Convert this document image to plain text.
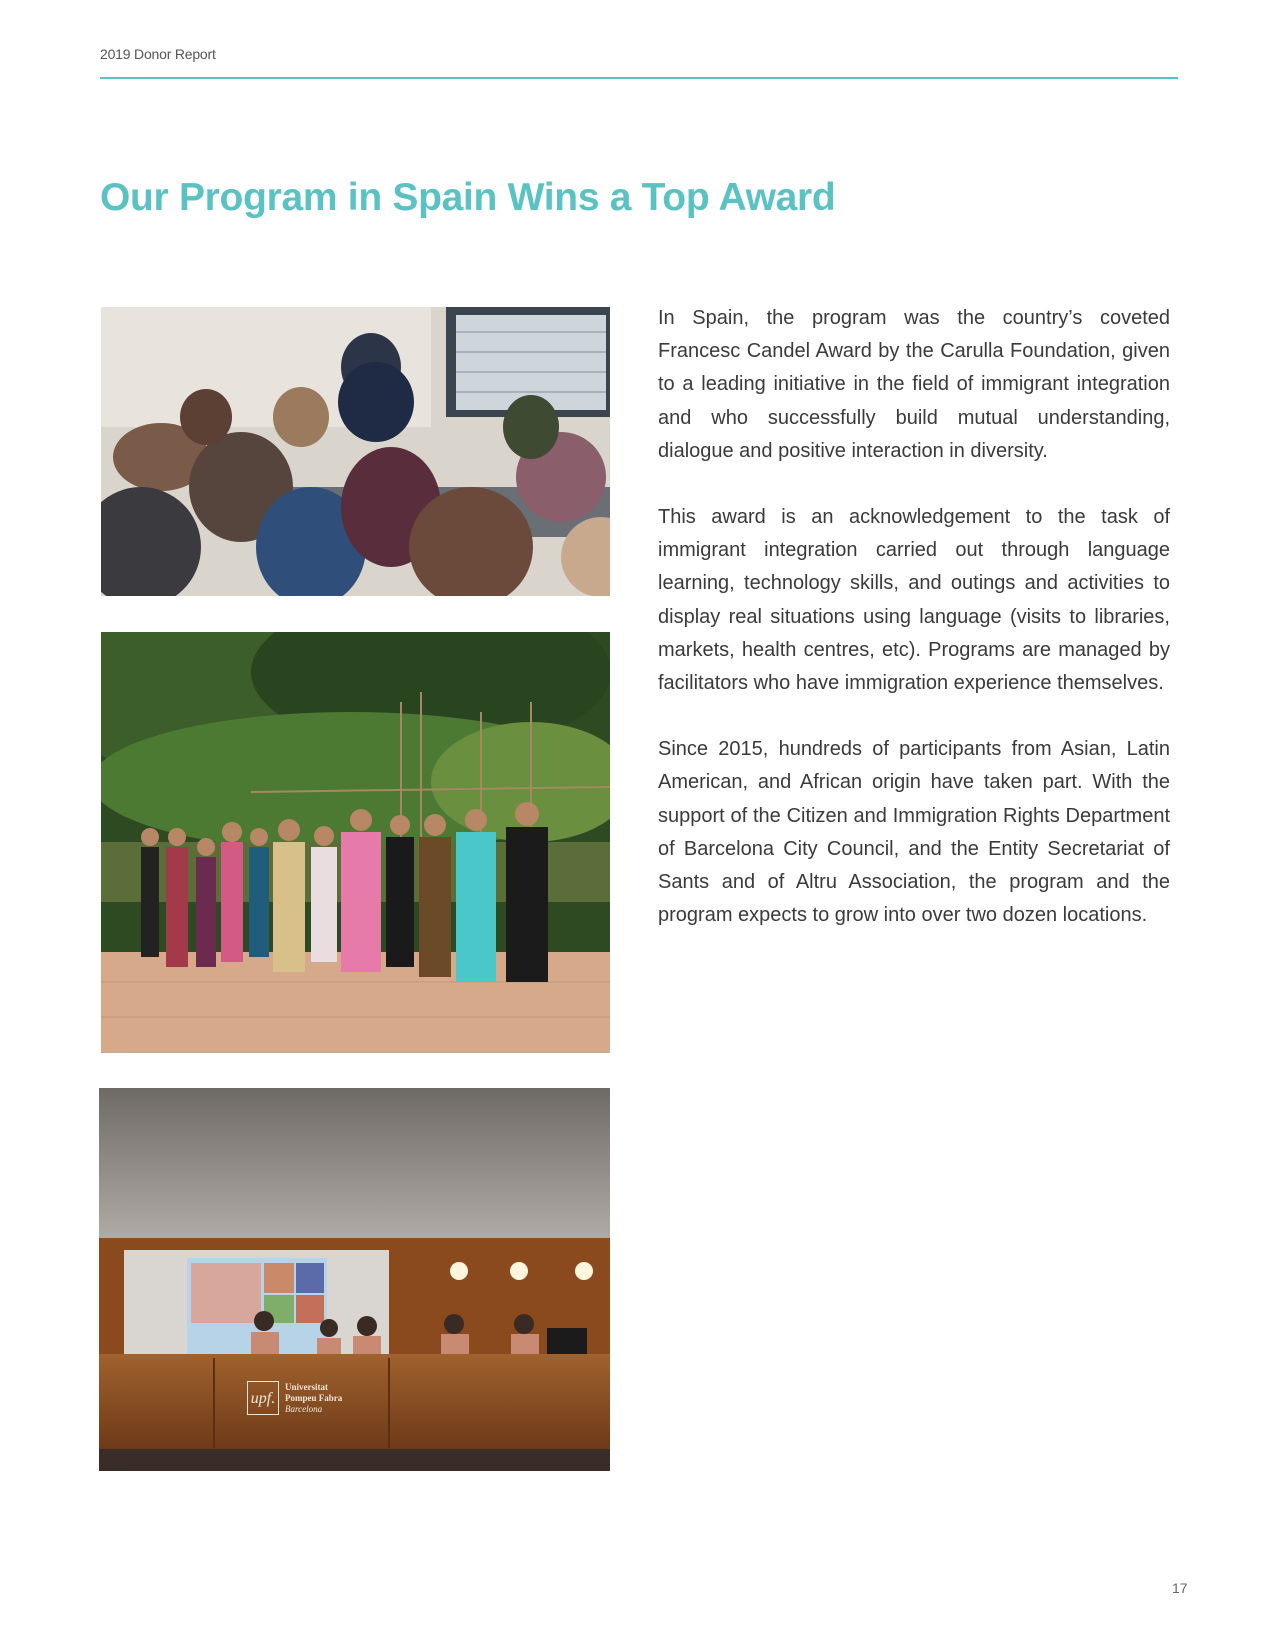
2019 Donor Report
Our Program in Spain Wins a Top Award
upf.
Universitat
Pompeu Fabra
Barcelona

In Spain, the program was the country’s coveted Francesc Candel Award by the Carulla Foundation, given to a leading initiative in the field of immigrant integration and who successfully build mutual understanding, dialogue and positive interaction in diversity.

This award is an acknowledgement to the task of immigrant integration carried out through language learning, technology skills, and outings and activities to display real situations using language (visits to libraries, markets, health centres, etc). Programs are managed by facilitators who have immigration experience themselves.

Since 2015, hundreds of participants from Asian, Latin American, and African origin have taken part. With the support of the Citizen and Immigration Rights Department of Barcelona City Council, and the Entity Secretariat of Sants and of Altru Association, the program and the program expects to grow into over two dozen locations.

17
